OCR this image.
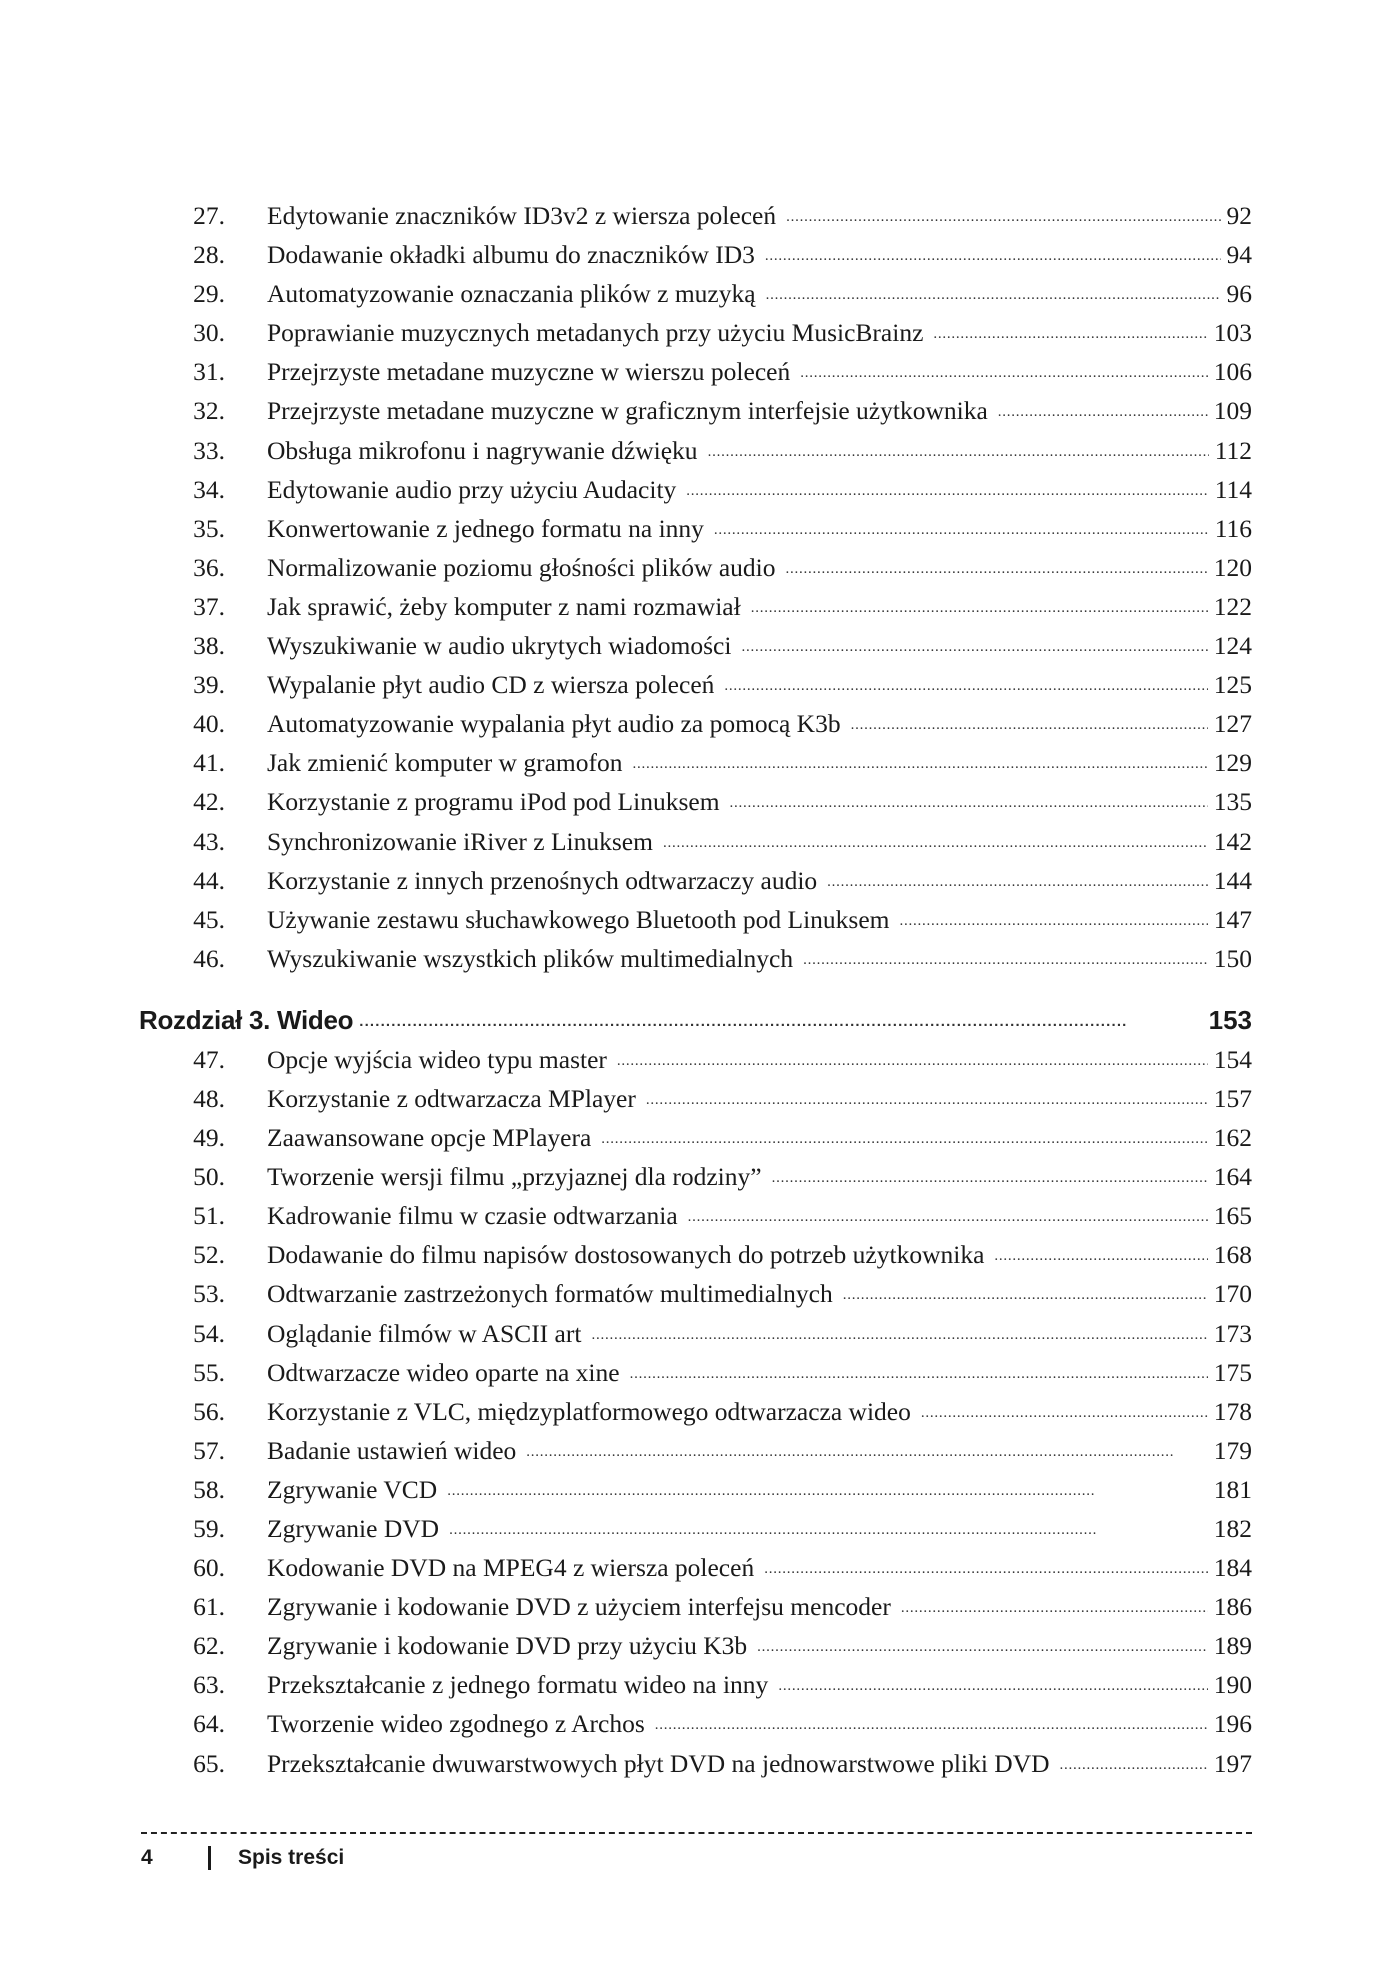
27.	Edytowanie znaczników ID3v2 z wiersza poleceń . . .	92
28.	Dodawanie okładki albumu do znaczników ID3 . . .	94
29.	Automatyzowanie oznaczania plików z muzyką . . .	96
30.	Poprawianie muzycznych metadanych przy użyciu MusicBrainz . . .	103
31.	Przejrzyste metadane muzyczne w wierszu poleceń . . .	106
32.	Przejrzyste metadane muzyczne w graficznym interfejsie użytkownika . . .	109
33.	Obsługa mikrofonu i nagrywanie dźwięku . . .	112
34.	Edytowanie audio przy użyciu Audacity . . .	114
35.	Konwertowanie z jednego formatu na inny . . .	116
36.	Normalizowanie poziomu głośności plików audio . . .	120
37.	Jak sprawić, żeby komputer z nami rozmawiał . . .	122
38.	Wyszukiwanie w audio ukrytych wiadomości . . .	124
39.	Wypalanie płyt audio CD z wiersza poleceń . . .	125
40.	Automatyzowanie wypalania płyt audio za pomocą K3b . . .	127
41.	Jak zmienić komputer w gramofon . . .	129
42.	Korzystanie z programu iPod pod Linuksem . . .	135
43.	Synchronizowanie iRiver z Linuksem . . .	142
44.	Korzystanie z innych przenośnych odtwarzaczy audio . . .	144
45.	Używanie zestawu słuchawkowego Bluetooth pod Linuksem . . .	147
46.	Wyszukiwanie wszystkich plików multimedialnych . . .	150
Rozdział 3. Wideo . . .	153
47.	Opcje wyjścia wideo typu master . . .	154
48.	Korzystanie z odtwarzacza MPlayer . . .	157
49.	Zaawansowane opcje MPlayera . . .	162
50.	Tworzenie wersji filmu „przyjaznej dla rodziny” . . .	164
51.	Kadrowanie filmu w czasie odtwarzania . . .	165
52.	Dodawanie do filmu napisów dostosowanych do potrzeb użytkownika . . .	168
53.	Odtwarzanie zastrzeżonych formatów multimedialnych . . .	170
54.	Oglądanie filmów w ASCII art . . .	173
55.	Odtwarzacze wideo oparte na xine . . .	175
56.	Korzystanie z VLC, międzyplatformowego odtwarzacza wideo . . .	178
57.	Badanie ustawień wideo . . .	179
58.	Zgrywanie VCD . . .	181
59.	Zgrywanie DVD . . .	182
60.	Kodowanie DVD na MPEG4 z wiersza poleceń . . .	184
61.	Zgrywanie i kodowanie DVD z użyciem interfejsu mencoder . . .	186
62.	Zgrywanie i kodowanie DVD przy użyciu K3b . . .	189
63.	Przekształcanie z jednego formatu wideo na inny . . .	190
64.	Tworzenie wideo zgodnego z Archos . . .	196
65.	Przekształcanie dwuwarstwowych płyt DVD na jednowarstwowe pliki DVD . . .	197
4	Spis treści
